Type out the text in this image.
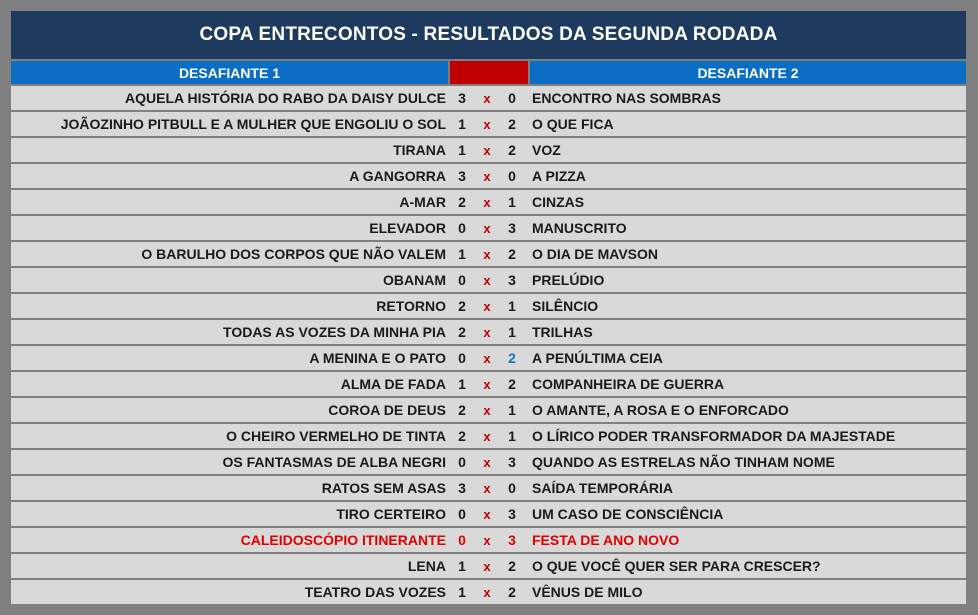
COPA ENTRECONTOS - RESULTADOS DA SEGUNDA RODADA
DESAFIANTE 1	DESAFIANTE 2
AQUELA HISTÓRIA DO RABO DA DAISY DULCE 3	x	0	ENCONTRO NAS SOMBRAS
JOÃOZINHO PITBULL E A MULHER QUE ENGOLIU O SOL 1	x	2	O QUE FICA
TIRANA 1	x	2	VOZ
A GANGORRA 3	x	0	A PIZZA
A-MAR 2	x	1	CINZAS
ELEVADOR 0	x	3	MANUSCRITO
O BARULHO DOS CORPOS QUE NÃO VALEM 1	x	2	O DIA DE MAVSON
OBANAM 0	x	3	PRELÚDIO
RETORNO 2	x	1	SILÊNCIO
TODAS AS VOZES DA MINHA PIA 2	x	1	TRILHAS
A MENINA E O PATO 0	x	2	A PENÚLTIMA CEIA
ALMA DE FADA 1	x	2	COMPANHEIRA DE GUERRA
COROA DE DEUS 2	x	1	O AMANTE, A ROSA E O ENFORCADO
O CHEIRO VERMELHO DE TINTA 2	x	1	O LÍRICO PODER TRANSFORMADOR DA MAJESTADE
OS FANTASMAS DE ALBA NEGRI 0	x	3	QUANDO AS ESTRELAS NÃO TINHAM NOME
RATOS SEM ASAS 3	x	0	SAÍDA TEMPORÁRIA
TIRO CERTEIRO 0	x	3	UM CASO DE CONSCIÊNCIA
CALEIDOSCÓPIO ITINERANTE 0	x	3	FESTA DE ANO NOVO
LENA 1	x	2	O QUE VOCÊ QUER SER PARA CRESCER?
TEATRO DAS VOZES 1	x	2	VÊNUS DE MILO
